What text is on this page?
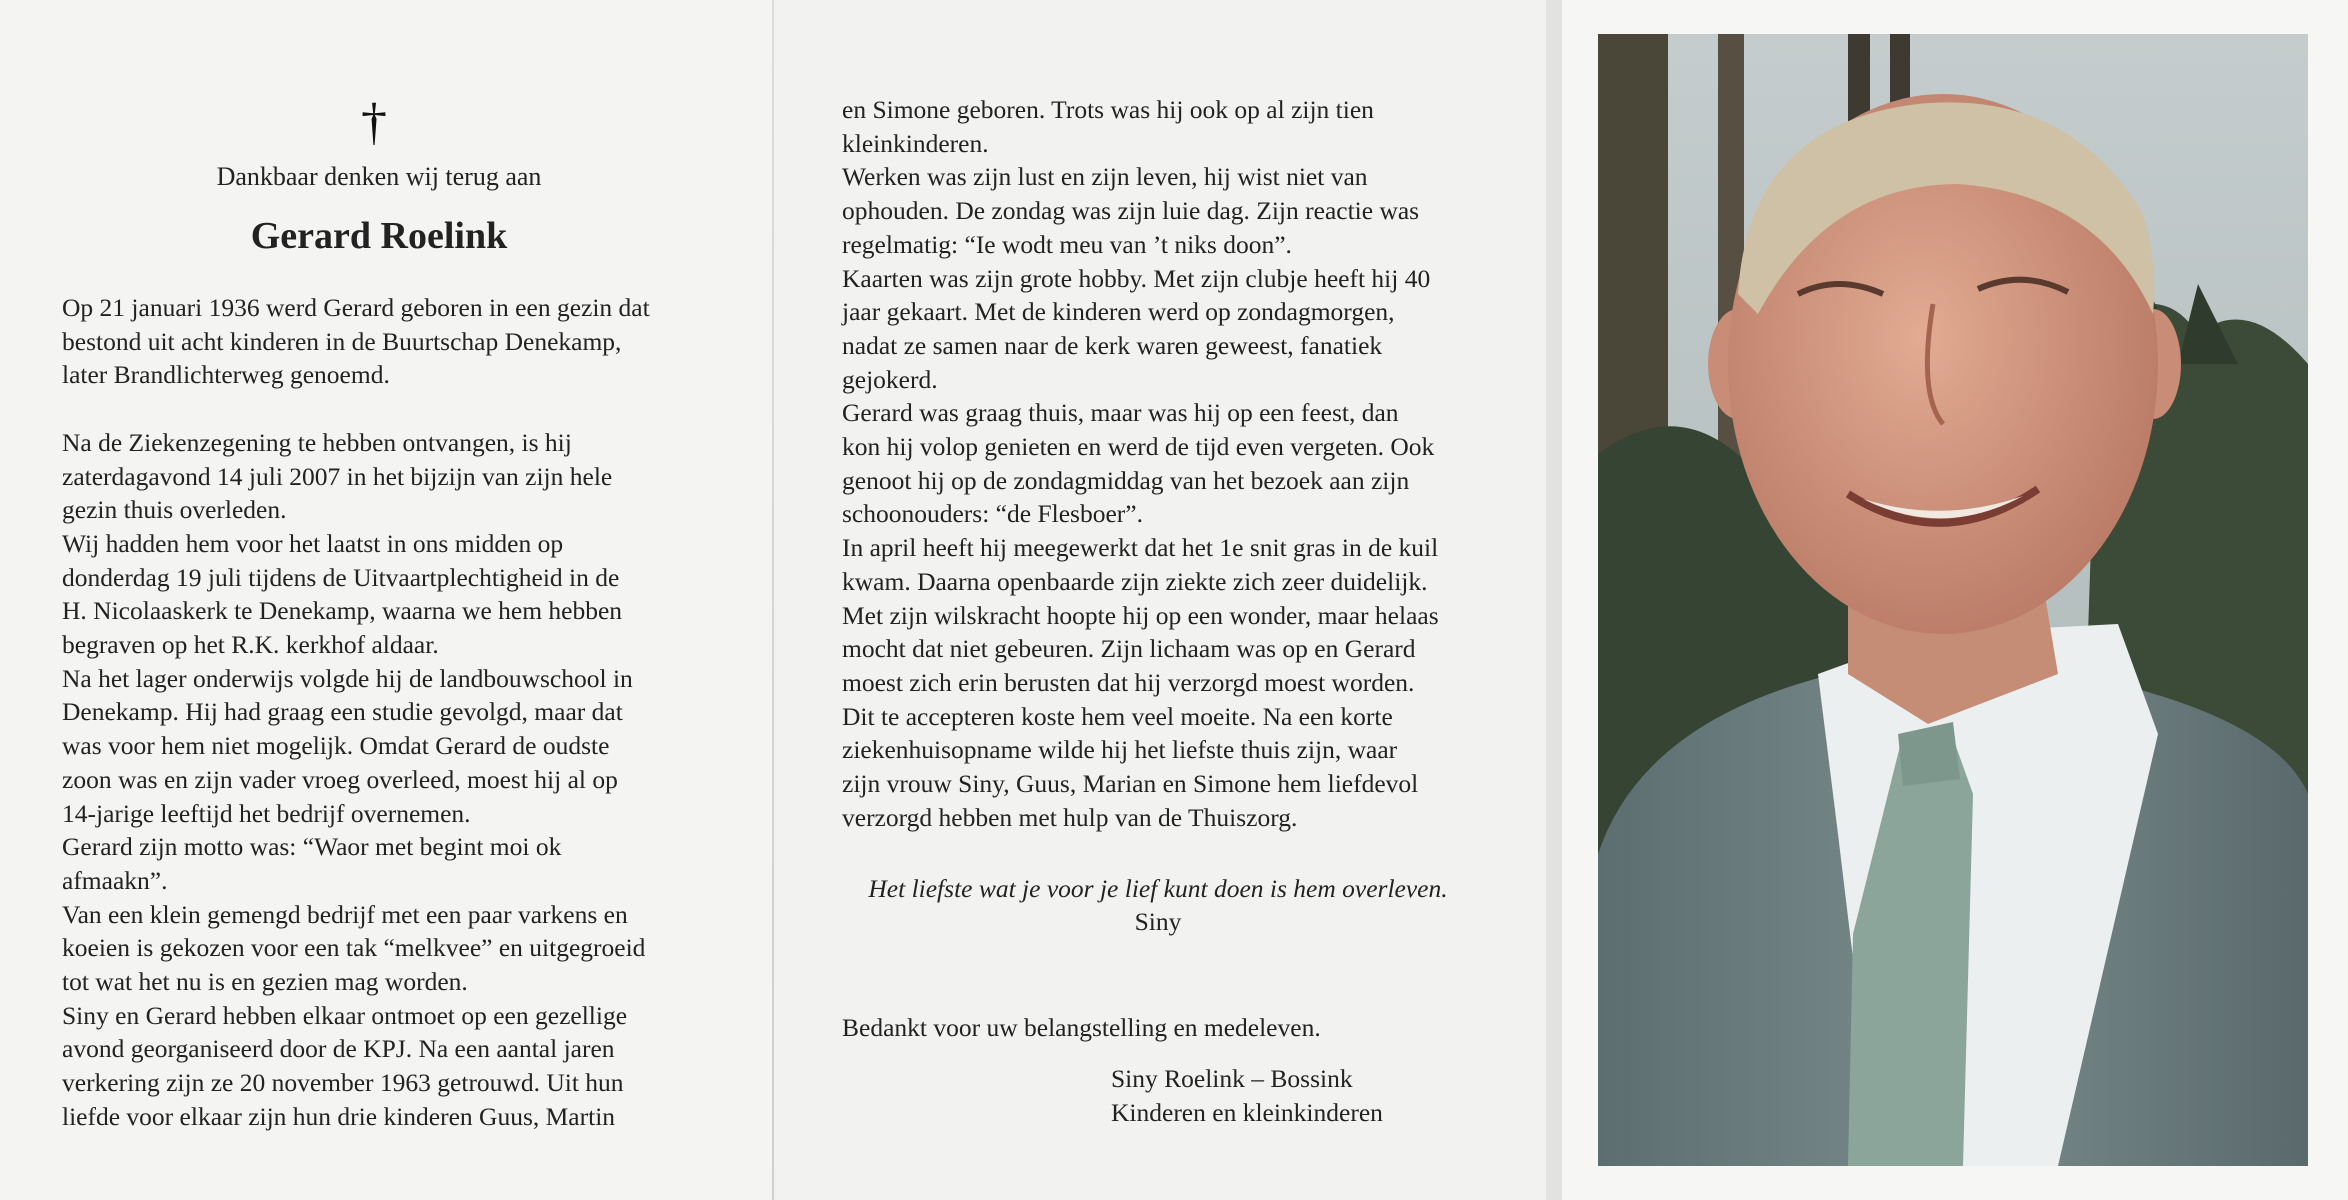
†
Dankbaar denken wij terug aan
Gerard Roelink

Op 21 januari 1936 werd Gerard geboren in een gezin dat

bestond uit acht kinderen in de Buurtschap Denekamp,

later Brandlichterweg genoemd.

Na de Ziekenzegening te hebben ontvangen, is hij

zaterdagavond 14 juli 2007 in het bijzijn van zijn hele

gezin thuis overleden.

Wij hadden hem voor het laatst in ons midden op

donderdag 19 juli tijdens de Uitvaartplechtigheid in de

H. Nicolaaskerk te Denekamp, waarna we hem hebben

begraven op het R.K. kerkhof aldaar.

Na het lager onderwijs volgde hij de landbouwschool in

Denekamp. Hij had graag een studie gevolgd, maar dat

was voor hem niet mogelijk. Omdat Gerard de oudste

zoon was en zijn vader vroeg overleed, moest hij al op

14-jarige leeftijd het bedrijf overnemen.

Gerard zijn motto was: “Waor met begint moi ok

afmaakn”.

Van een klein gemengd bedrijf met een paar varkens en

koeien is gekozen voor een tak “melkvee” en uitgegroeid

tot wat het nu is en gezien mag worden.

Siny en Gerard hebben elkaar ontmoet op een gezellige

avond georganiseerd door de KPJ. Na een aantal jaren

verkering zijn ze 20 november 1963 getrouwd. Uit hun

liefde voor elkaar zijn hun drie kinderen Guus, Martin

en Simone geboren. Trots was hij ook op al zijn tien

kleinkinderen.

Werken was zijn lust en zijn leven, hij wist niet van

ophouden. De zondag was zijn luie dag. Zijn reactie was

regelmatig: “Ie wodt meu van ’t niks doon”.

Kaarten was zijn grote hobby. Met zijn clubje heeft hij 40

jaar gekaart. Met de kinderen werd op zondagmorgen,

nadat ze samen naar de kerk waren geweest, fanatiek

gejokerd.

Gerard was graag thuis, maar was hij op een feest, dan

kon hij volop genieten en werd de tijd even vergeten. Ook

genoot hij op de zondagmiddag van het bezoek aan zijn

schoonouders: “de Flesboer”.

In april heeft hij meegewerkt dat het 1e snit gras in de kuil

kwam. Daarna openbaarde zijn ziekte zich zeer duidelijk.

Met zijn wilskracht hoopte hij op een wonder, maar helaas

mocht dat niet gebeuren. Zijn lichaam was op en Gerard

moest zich erin berusten dat hij verzorgd moest worden.

Dit te accepteren koste hem veel moeite. Na een korte

ziekenhuisopname wilde hij het liefste thuis zijn, waar

zijn vrouw Siny, Guus, Marian en Simone hem liefdevol

verzorgd hebben met hulp van de Thuiszorg.

Het liefste wat je voor je lief kunt doen is hem overleven.
Siny
Bedankt voor uw belangstelling en medeleven.
Siny Roelink – Bossink
Kinderen en kleinkinderen
